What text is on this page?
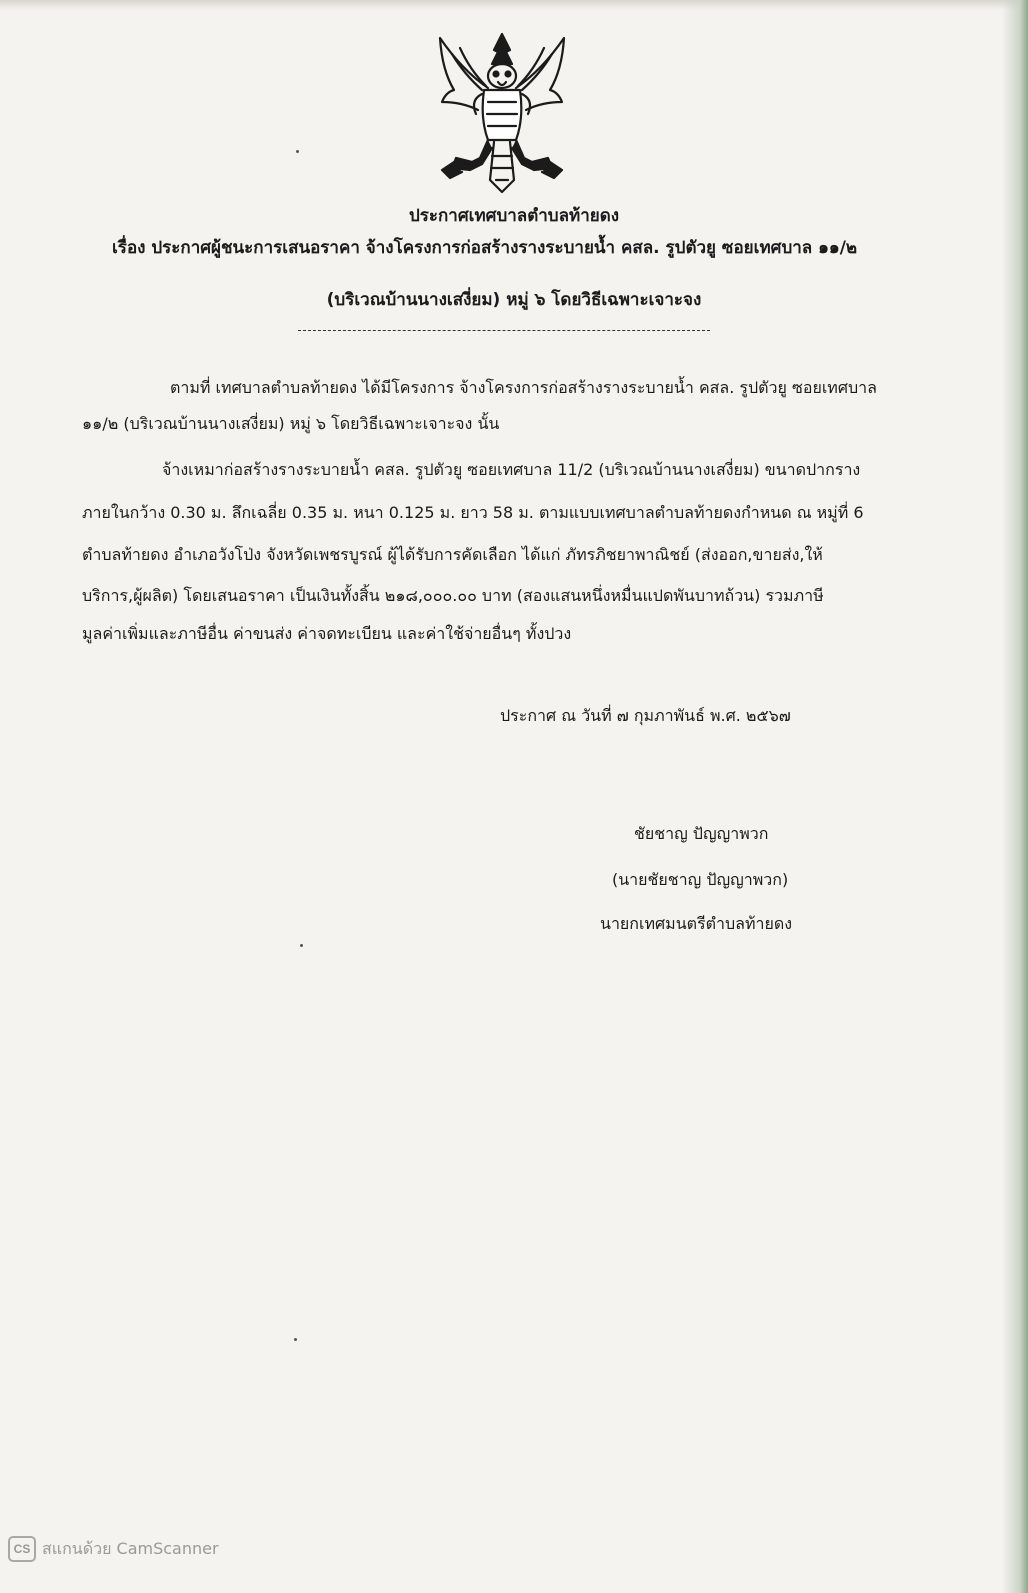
ประกาศเทศบาลตำบลท้ายดง

เรื่อง ประกาศผู้ชนะการเสนอราคา จ้างโครงการก่อสร้างรางระบายน้ำ คสล. รูปตัวยู ซอยเทศบาล ๑๑/๒

(บริเวณบ้านนางเสงี่ยม) หมู่ ๖ โดยวิธีเฉพาะเจาะจง

ตามที่ เทศบาลตำบลท้ายดง ได้มีโครงการ จ้างโครงการก่อสร้างรางระบายน้ำ คสล. รูปตัวยู ซอยเทศบาล

๑๑/๒ (บริเวณบ้านนางเสงี่ยม) หมู่ ๖ โดยวิธีเฉพาะเจาะจง นั้น

จ้างเหมาก่อสร้างรางระบายน้ำ คสล. รูปตัวยู ซอยเทศบาล 11/2 (บริเวณบ้านนางเสงี่ยม) ขนาดปากราง

ภายในกว้าง 0.30 ม. ลึกเฉลี่ย 0.35 ม. หนา 0.125 ม. ยาว 58 ม. ตามแบบเทศบาลตำบลท้ายดงกำหนด ณ หมู่ที่ 6

ตำบลท้ายดง อำเภอวังโป่ง จังหวัดเพชรบูรณ์ ผู้ได้รับการคัดเลือก ได้แก่ ภัทรภิชยาพาณิชย์ (ส่งออก,ขายส่ง,ให้

บริการ,ผู้ผลิต) โดยเสนอราคา เป็นเงินทั้งสิ้น ๒๑๘,๐๐๐.๐๐ บาท (สองแสนหนึ่งหมื่นแปดพันบาทถ้วน) รวมภาษี

มูลค่าเพิ่มและภาษีอื่น ค่าขนส่ง ค่าจดทะเบียน และค่าใช้จ่ายอื่นๆ ทั้งปวง

ประกาศ ณ วันที่ ๗ กุมภาพันธ์ พ.ศ. ๒๕๖๗

ชัยชาญ ปัญญาพวก

(นายชัยชาญ ปัญญาพวก)

นายกเทศมนตรีตำบลท้ายดง

CS สแกนด้วย CamScanner
